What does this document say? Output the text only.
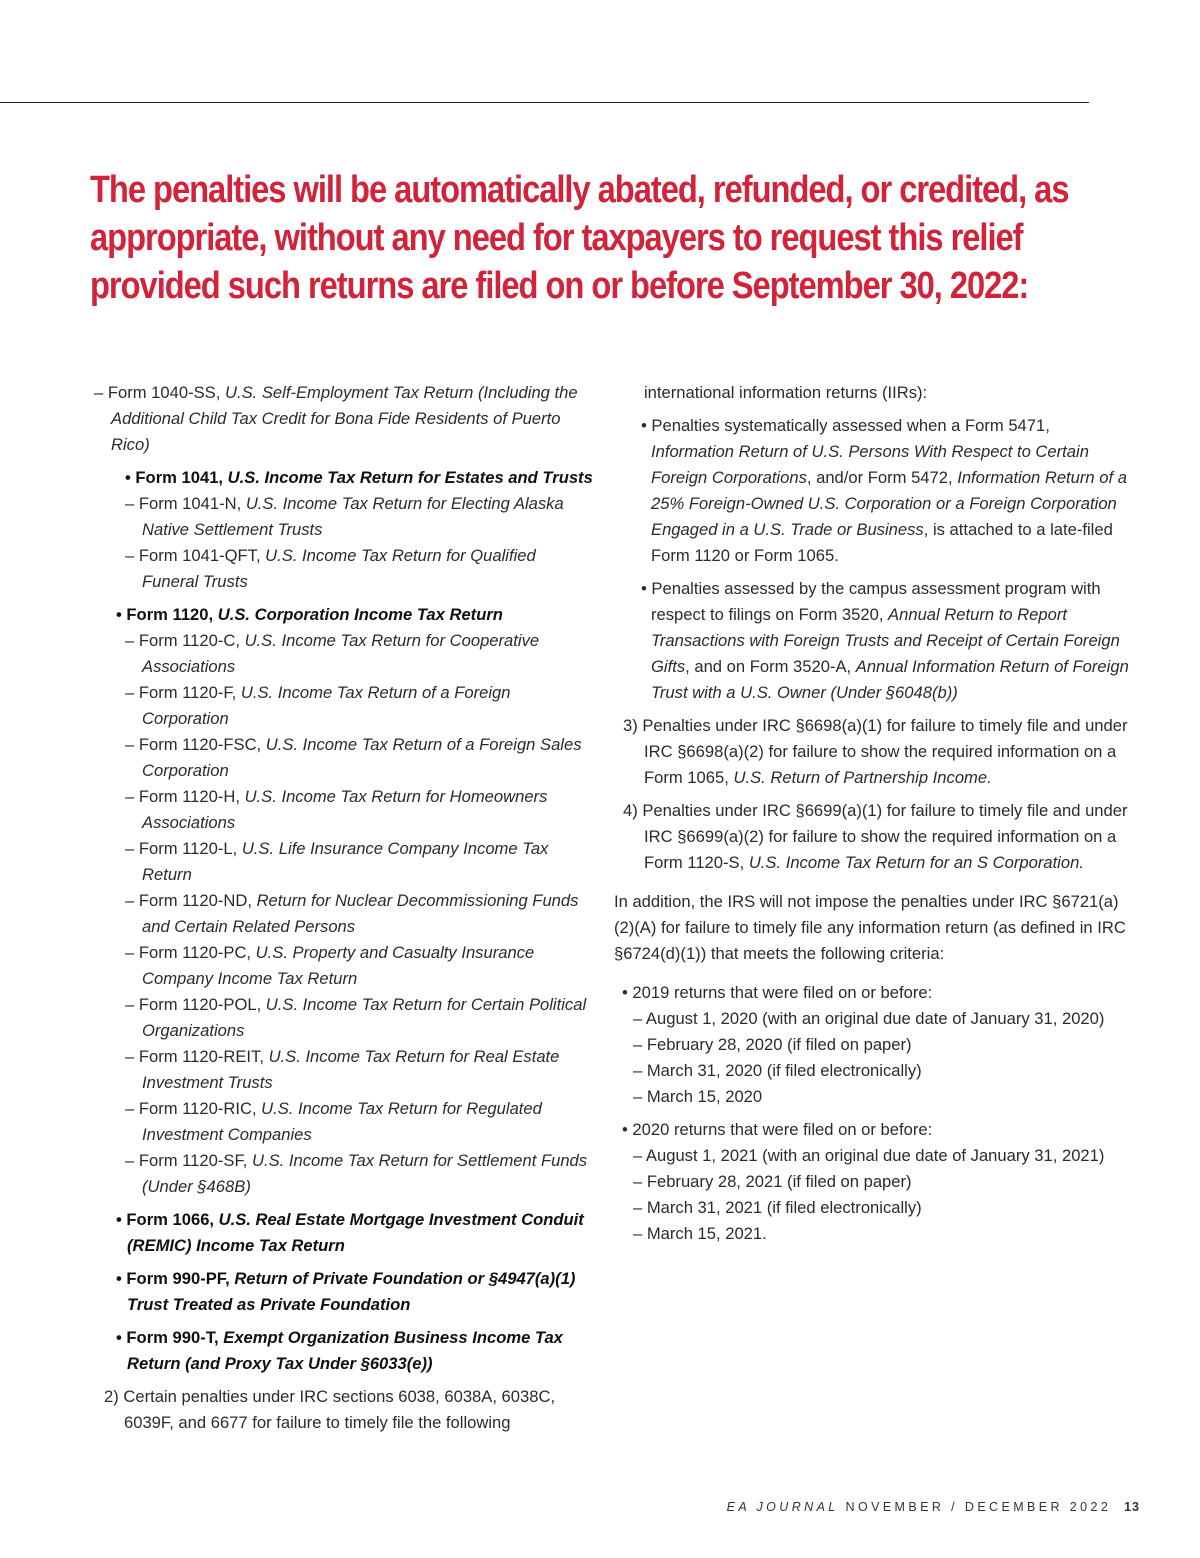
The penalties will be automatically abated, refunded, or credited, as appropriate, without any need for taxpayers to request this relief provided such returns are filed on or before September 30, 2022:
– Form 1040-SS, U.S. Self-Employment Tax Return (Including the Additional Child Tax Credit for Bona Fide Residents of Puerto Rico)
• Form 1041, U.S. Income Tax Return for Estates and Trusts
– Form 1041-N, U.S. Income Tax Return for Electing Alaska Native Settlement Trusts
– Form 1041-QFT, U.S. Income Tax Return for Qualified Funeral Trusts
• Form 1120, U.S. Corporation Income Tax Return
– Form 1120-C, U.S. Income Tax Return for Cooperative Associations
– Form 1120-F, U.S. Income Tax Return of a Foreign Corporation
– Form 1120-FSC, U.S. Income Tax Return of a Foreign Sales Corporation
– Form 1120-H, U.S. Income Tax Return for Homeowners Associations
– Form 1120-L, U.S. Life Insurance Company Income Tax Return
– Form 1120-ND, Return for Nuclear Decommissioning Funds and Certain Related Persons
– Form 1120-PC, U.S. Property and Casualty Insurance Company Income Tax Return
– Form 1120-POL, U.S. Income Tax Return for Certain Political Organizations
– Form 1120-REIT, U.S. Income Tax Return for Real Estate Investment Trusts
– Form 1120-RIC, U.S. Income Tax Return for Regulated Investment Companies
– Form 1120-SF, U.S. Income Tax Return for Settlement Funds (Under §468B)
• Form 1066, U.S. Real Estate Mortgage Investment Conduit (REMIC) Income Tax Return
• Form 990-PF, Return of Private Foundation or §4947(a)(1) Trust Treated as Private Foundation
• Form 990-T, Exempt Organization Business Income Tax Return (and Proxy Tax Under §6033(e))
2) Certain penalties under IRC sections 6038, 6038A, 6038C, 6039F, and 6677 for failure to timely file the following
international information returns (IIRs):
• Penalties systematically assessed when a Form 5471, Information Return of U.S. Persons With Respect to Certain Foreign Corporations, and/or Form 5472, Information Return of a 25% Foreign-Owned U.S. Corporation or a Foreign Corporation Engaged in a U.S. Trade or Business, is attached to a late-filed Form 1120 or Form 1065.
• Penalties assessed by the campus assessment program with respect to filings on Form 3520, Annual Return to Report Transactions with Foreign Trusts and Receipt of Certain Foreign Gifts, and on Form 3520-A, Annual Information Return of Foreign Trust with a U.S. Owner (Under §6048(b))
3) Penalties under IRC §6698(a)(1) for failure to timely file and under IRC §6698(a)(2) for failure to show the required information on a Form 1065, U.S. Return of Partnership Income.
4) Penalties under IRC §6699(a)(1) for failure to timely file and under IRC §6699(a)(2) for failure to show the required information on a Form 1120-S, U.S. Income Tax Return for an S Corporation.
In addition, the IRS will not impose the penalties under IRC §6721(a)(2)(A) for failure to timely file any information return (as defined in IRC §6724(d)(1)) that meets the following criteria:
• 2019 returns that were filed on or before:
– August 1, 2020 (with an original due date of January 31, 2020)
– February 28, 2020 (if filed on paper)
– March 31, 2020 (if filed electronically)
– March 15, 2020
• 2020 returns that were filed on or before:
– August 1, 2021 (with an original due date of January 31, 2021)
– February 28, 2021 (if filed on paper)
– March 31, 2021 (if filed electronically)
– March 15, 2021.
EA JOURNAL NOVEMBER / DECEMBER 2022 13
